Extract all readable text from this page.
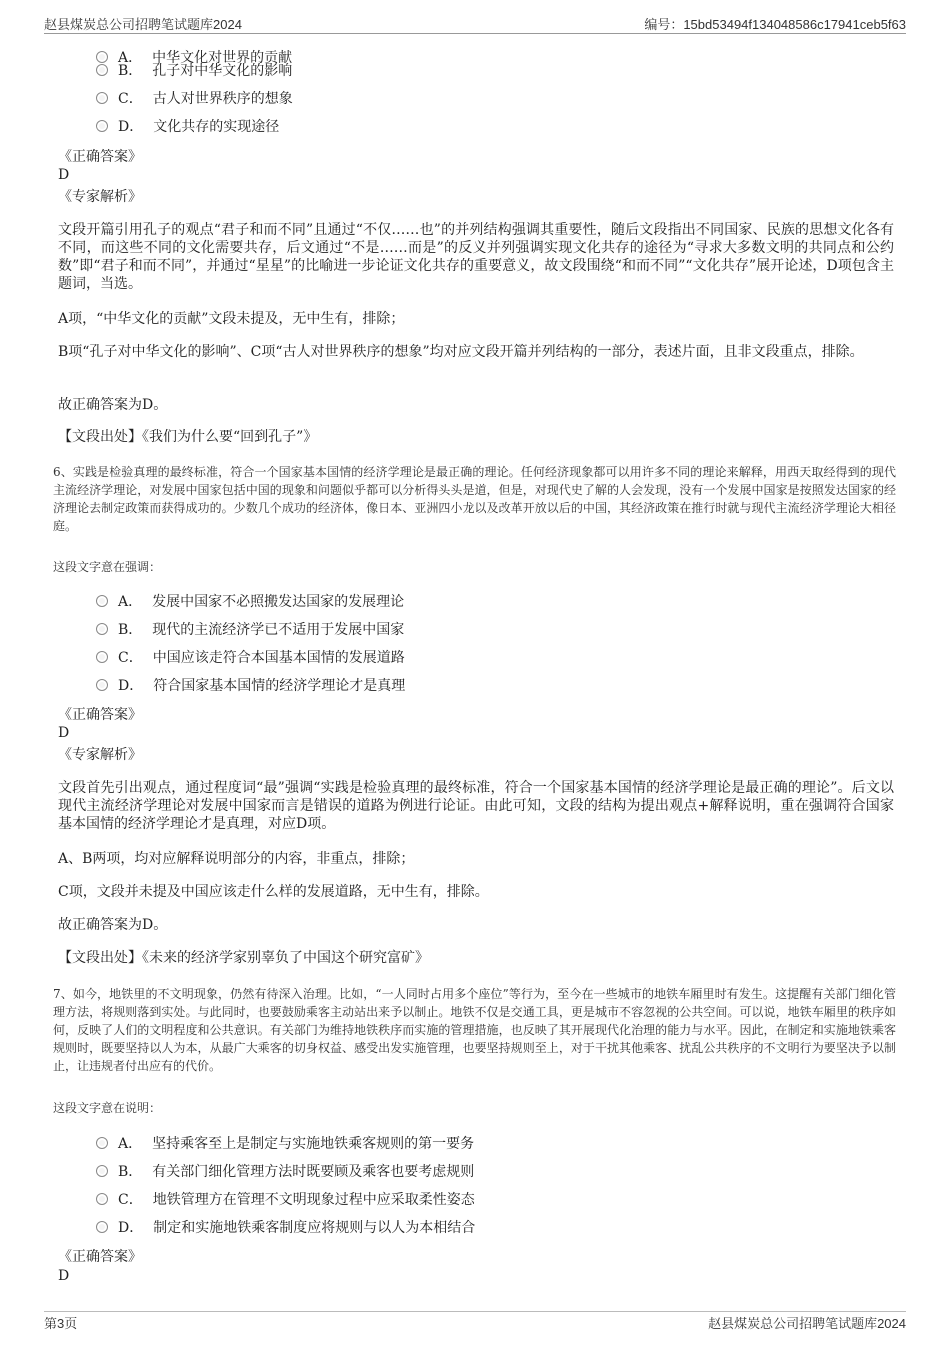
赵县煤炭总公司招聘笔试题库2024	编号：15bd53494f134048586c17941ceb5f63
A． 中华文化对世界的贡献
B． 孔子对中华文化的影响
C． 古人对世界秩序的想象
D． 文化共存的实现途径
《正确答案》
D
《专家解析》
文段开篇引用孔子的观点“君子和而不同”且通过“不仅……也”的并列结构强调其重要性，随后文段指出不同国家、民族的思想文化各有不同，而这些不同的文化需要共存，后文通过“不是……而是”的反义并列强调实现文化共存的途径为“寻求大多数文明的共同点和公约数”即“君子和而不同”，并通过“星星”的比喻进一步论证文化共存的重要意义，故文段围绕“和而不同”“文化共存”展开论述，D项包含主题词，当选。
A项，“中华文化的贡献”文段未提及，无中生有，排除；
B项“孔子对中华文化的影响”、C项“古人对世界秩序的想象”均对应文段开篇并列结构的一部分，表述片面，且非文段重点，排除。
故正确答案为D。
【文段出处】《我们为什么要“回到孔子”》
6、实践是检验真理的最终标准，符合一个国家基本国情的经济学理论是最正确的理论。任何经济现象都可以用许多不同的理论来解释，用西天取经得到的现代主流经济学理论，对发展中国家包括中国的现象和问题似乎都可以分析得头头是道，但是，对现代史了解的人会发现，没有一个发展中国家是按照发达国家的经济理论去制定政策而获得成功的。少数几个成功的经济体，像日本、亚洲四小龙以及改革开放以后的中国，其经济政策在推行时就与现代主流经济学理论大相径庭。
这段文字意在强调：
A． 发展中国家不必照搬发达国家的发展理论
B． 现代的主流经济学已不适用于发展中国家
C． 中国应该走符合本国基本国情的发展道路
D． 符合国家基本国情的经济学理论才是真理
《正确答案》
D
《专家解析》
文段首先引出观点，通过程度词“最”强调“实践是检验真理的最终标准，符合一个国家基本国情的经济学理论是最正确的理论”。后文以现代主流经济学理论对发展中国家而言是错误的道路为例进行论证。由此可知，文段的结构为提出观点+解释说明，重在强调符合国家基本国情的经济学理论才是真理，对应D项。
A、B两项，均对应解释说明部分的内容，非重点，排除；
C项，文段并未提及中国应该走什么样的发展道路，无中生有，排除。
故正确答案为D。
【文段出处】《未来的经济学家别辜负了中国这个研究富矿》
7、如今，地铁里的不文明现象，仍然有待深入治理。比如，“一人同时占用多个座位”等行为，至今在一些城市的地铁车厢里时有发生。这提醒有关部门细化管理方法，将规则落到实处。与此同时，也要鼓励乘客主动站出来予以制止。地铁不仅是交通工具，更是城市不容忽视的公共空间。可以说，地铁车厢里的秩序如何，反映了人们的文明程度和公共意识。有关部门为维持地铁秩序而实施的管理措施，也反映了其开展现代化治理的能力与水平。因此，在制定和实施地铁乘客规则时，既要坚持以人为本，从最广大乘客的切身权益、感受出发实施管理，也要坚持规则至上，对于干扰其他乘客、扰乱公共秩序的不文明行为要坚决予以制止，让违规者付出应有的代价。
这段文字意在说明：
A． 坚持乘客至上是制定与实施地铁乘客规则的第一要务
B． 有关部门细化管理方法时既要顾及乘客也要考虑规则
C． 地铁管理方在管理不文明现象过程中应采取柔性姿态
D． 制定和实施地铁乘客制度应将规则与以人为本相结合
《正确答案》
D
第3页	赵县煤炭总公司招聘笔试题库2024
